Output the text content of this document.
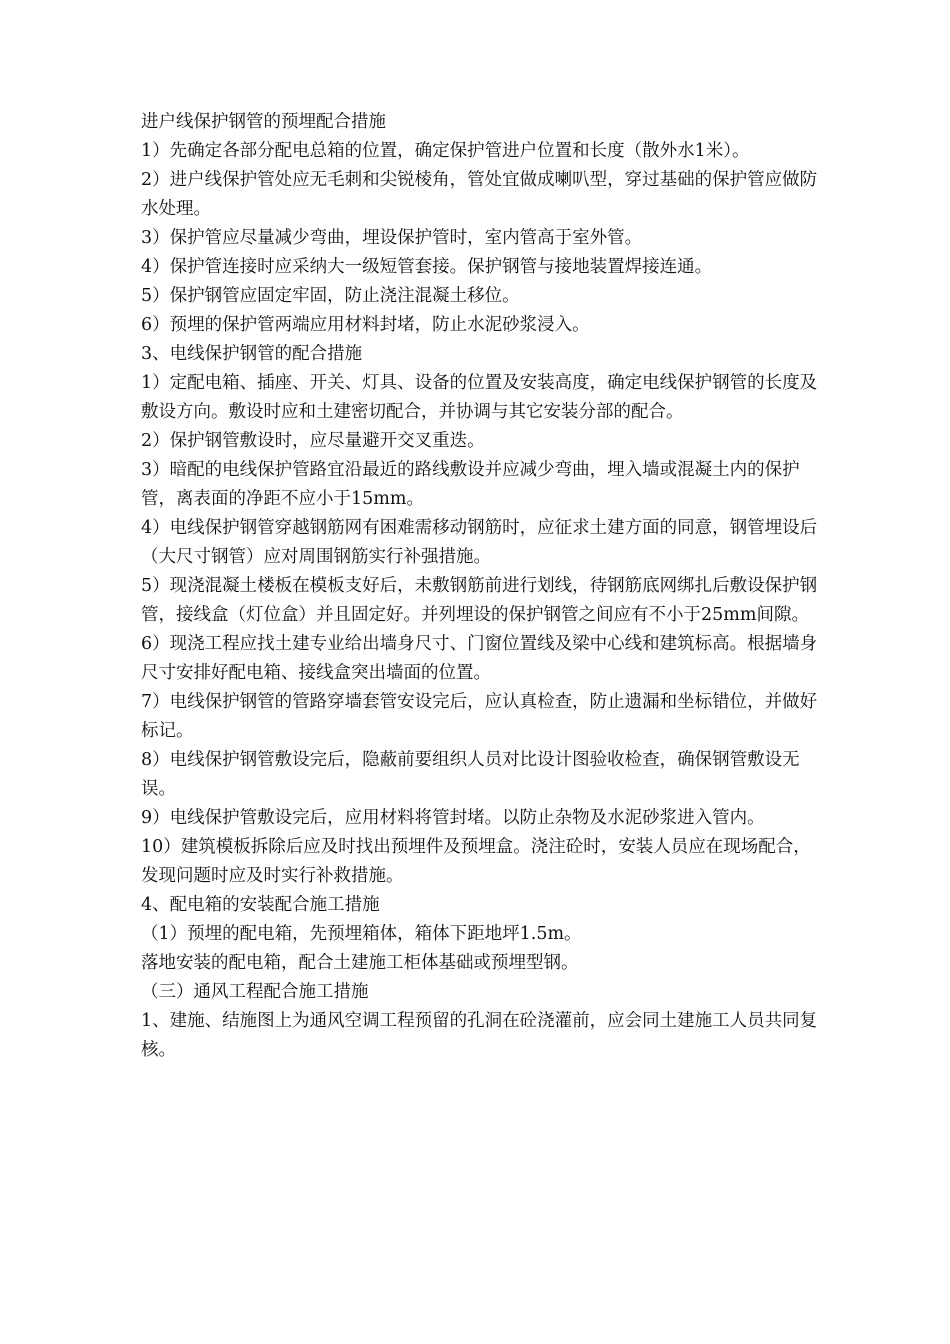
进户线保护钢管的预埋配合措施

1）先确定各部分配电总箱的位置，确定保护管进户位置和长度（散外水1米）。

2）进户线保护管处应无毛刺和尖锐棱角，管处宜做成喇叭型，穿过基础的保护管应做防水处理。

3）保护管应尽量减少弯曲，埋设保护管时，室内管高于室外管。

4）保护管连接时应采纳大一级短管套接。保护钢管与接地装置焊接连通。

5）保护钢管应固定牢固，防止浇注混凝土移位。

6）预埋的保护管两端应用材料封堵，防止水泥砂浆浸入。

3、电线保护钢管的配合措施

1）定配电箱、插座、开关、灯具、设备的位置及安装高度，确定电线保护钢管的长度及敷设方向。敷设时应和土建密切配合，并协调与其它安装分部的配合。

2）保护钢管敷设时，应尽量避开交叉重迭。

3）暗配的电线保护管路宜沿最近的路线敷设并应减少弯曲，埋入墙或混凝土内的保护管，离表面的净距不应小于15mm。

4）电线保护钢管穿越钢筋网有困难需移动钢筋时，应征求土建方面的同意，钢管埋设后（大尺寸钢管）应对周围钢筋实行补强措施。

5）现浇混凝土楼板在模板支好后，未敷钢筋前进行划线，待钢筋底网绑扎后敷设保护钢管，接线盒（灯位盒）并且固定好。并列埋设的保护钢管之间应有不小于25mm间隙。

6）现浇工程应找土建专业给出墙身尺寸、门窗位置线及梁中心线和建筑标高。根据墙身尺寸安排好配电箱、接线盒突出墙面的位置。

7）电线保护钢管的管路穿墙套管安设完后，应认真检查，防止遗漏和坐标错位，并做好标记。

8）电线保护钢管敷设完后，隐蔽前要组织人员对比设计图验收检查，确保钢管敷设无误。

9）电线保护管敷设完后，应用材料将管封堵。以防止杂物及水泥砂浆进入管内。

10）建筑模板拆除后应及时找出预埋件及预埋盒。浇注砼时，安装人员应在现场配合，发现问题时应及时实行补救措施。

4、配电箱的安装配合施工措施

（1）预埋的配电箱，先预埋箱体，箱体下距地坪1.5m。

落地安装的配电箱，配合土建施工柜体基础或预埋型钢。

（三）通风工程配合施工措施

1、建施、结施图上为通风空调工程预留的孔洞在砼浇灌前，应会同土建施工人员共同复核。
